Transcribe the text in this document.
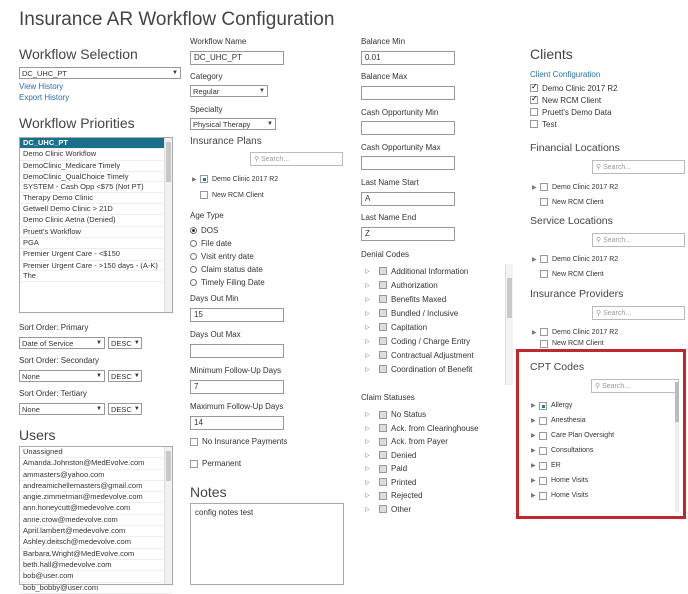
Insurance AR Workflow Configuration
Workflow Selection
DC_UHC_PT	▼
View History
Export History
Workflow Priorities
DC_UHC_PT
Demo Clinic Workflow
DemoClinic_Medicare Timely
DemoClinic_QualChoice Timely
SYSTEM - Cash Opp <$75 (Not PT)
Therapy Demo Clinic
Getwell Demo Clinic > 21D
Demo Clinic Aetna (Denied)
Pruett's Workflow
PGA
Premier Urgent Care - <$150
Premier Urgent Care - >150 days - (A-K)
The
Sort Order: Primary
Date of Service	▼ DESC ▼
Sort Order: Secondary
None	▼ DESC ▼
Sort Order: Tertiary
None	▼ DESC ▼
Users
Unassigned
Amanda.Johnston@MedEvolve.com
ammasters@yahoo.com
andreamichellemasters@gmail.com
angie.zimmerman@medevolve.com
ann.honeycutt@medevolve.com
anne.crow@medevolve.com
April.lambert@medevolve.com
Ashley.deitsch@medevolve.com
Barbara.Wright@MedEvolve.com
beth.hall@medevolve.com
bob@user.com
bob_bobby@user.com
Workflow Name
DC_UHC_PT
Category
Regular	▼
Specialty
Physical Therapy	▼
Insurance Plans
⚲
Search...
▶	Demo Clinic 2017 R2
New RCM Client
Age Type
DOS
File date
Visit entry date
Claim status date
Timely Filing Date
Days Out Min
15
Days Out Max
Minimum Follow-Up Days
7
Maximum Follow-Up Days
14
No Insurance Payments
Permanent
Notes
config notes test
Balance Min
0.01
Balance Max
Cash Opportunity Min
Cash Opportunity Max
Last Name Start
A
Last Name End
Z
Denial Codes
▷	Additional Information
▷	Authorization
▷	Benefits Maxed
▷	Bundled / Inclusive
▷	Capitation
▷	Coding / Charge Entry
▷	Contractual Adjustment
▷	Coordination of Benefit
Claim Statuses
▷	No Status
▷	Ack. from Clearinghouse
▷	Ack. from Payer
▷	Denied
▷	Paid
▷	Printed
▷	Rejected
▷	Other
Clients
Client Configuration
✓
Demo Clinic 2017 R2
✓
New RCM Client
Pruett's Demo Data
Test
Financial Locations
⚲
Search...
▶	Demo Clinic 2017 R2
New RCM Client
Service Locations
⚲
Search...
▶	Demo Clinic 2017 R2
New RCM Client
Insurance Providers
⚲
Search...
▶	Demo Clinic 2017 R2
New RCM Client
CPT Codes
⚲
Search...
▶	Allergy
▶	Anesthesia
▶	Care Plan Oversight
▶	Consultations
▶	ER
▶	Home Visits
▶	Home Visits
